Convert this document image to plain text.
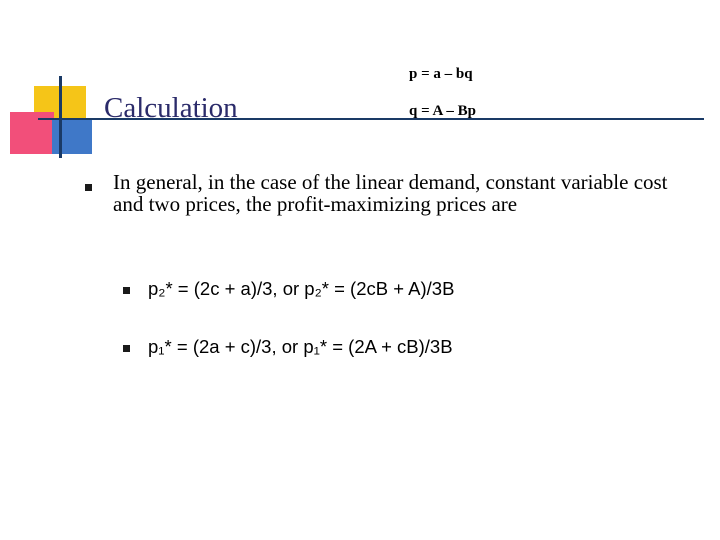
Calculation
p = a – bq
q = A – Bp
In general, in the case of the linear demand, constant variable cost and two prices, the profit-maximizing prices are
p₂* = (2c + a)/3, or p₂* = (2cB + A)/3B
p₁* = (2a + c)/3, or p₁* = (2A + cB)/3B
